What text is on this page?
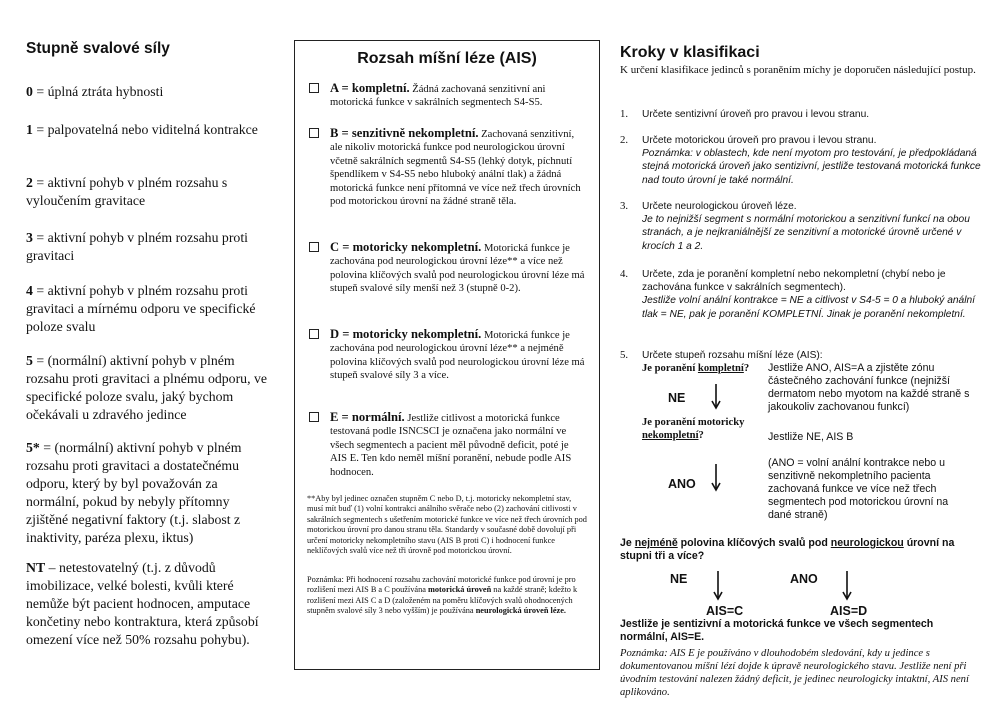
Stupně svalové síly

0 = úplná ztráta hybnosti

1 = palpovatelná nebo viditelná kontrakce

2 = aktivní pohyb v plném rozsahu s vyloučením gravitace

3 = aktivní pohyb v plném rozsahu proti gravitaci

4 = aktivní pohyb v plném rozsahu proti gravitaci a mírnému odporu ve specifické poloze svalu

5 = (normální) aktivní pohyb v plném rozsahu proti gravitaci a plnému odporu, ve specifické poloze svalu, jaký bychom očekávali u zdravého jedince

5* = (normální) aktivní pohyb v plném rozsahu proti gravitaci a dostatečnému odporu, který by byl považován za normální, pokud by nebyly přítomny zjištěné negativní faktory (t.j. slabost z inaktivity, paréza plexu, iktus)

NT – netestovatelný (t.j. z důvodů imobilizace, velké bolesti, kvůli které nemůže být pacient hodnocen, amputace končetiny nebo kontraktura, která způsobí omezení více než 50% rozsahu pohybu).

Rozsah míšní léze (AIS)
A = kompletní. Žádná zachovaná senzitivní ani motorická funkce v sakrálních segmentech S4-S5.
B = senzitivně nekompletní. Zachovaná senzitivní, ale nikoliv motorická funkce pod neurologickou úrovní včetně sakrálních segmentů S4-S5 (lehký dotyk, píchnutí špendlíkem v S4-S5 nebo hluboký anální tlak) a žádná motorická funkce není přítomná ve více než třech úrovních pod motorickou úrovní na žádné straně těla.
C = motoricky nekompletní. Motorická funkce je zachována pod neurologickou úrovní léze** a více než polovina klíčových svalů pod neurologickou úrovní léze má stupeň svalové síly menší než 3 (stupně 0-2).
D = motoricky nekompletní. Motorická funkce je zachována pod neurologickou úrovní léze** a nejméně polovina klíčových svalů pod neurologickou úrovní léze má stupeň svalové síly 3 a více.
E = normální. Jestliže citlivost a motorická funkce testovaná podle ISNCSCI je označena jako normální ve všech segmentech a pacient měl původně deficit, poté je AIS E. Ten kdo neměl míšní poranění, nebude podle AIS hodnocen.
**Aby byl jedinec označen stupněm C nebo D, t.j. motoricky nekompletní stav, musí mít buď (1) volní kontrakci análního svěrače nebo (2) zachování citlivosti v sakrálních segmentech s ušetřením motorické funkce ve více než třech úrovních pod motorickou úrovní pro danou stranu těla. Standardy v současné době dovolují při určení motoricky nekompletního stavu (AIS B proti C) i hodnocení funkce neklíčových svalů více než tři úrovně pod motorickou úrovní.
Poznámka: Při hodnocení rozsahu zachování motorické funkce pod úrovní je pro rozlišení mezi AIS B a C používána motorická úroveň na každé straně; kdežto k rozlišení mezi AIS C a D (založeném na poměru klíčových svalů ohodnocených stupněm svalové síly 3 nebo vyšším) je používána neurologická úroveň léze.
Kroky v klasifikaci

K určení klasifikace jedinců s poraněním míchy je doporučen následující postup.

1.	Určete sentizivní úroveň pro pravou i levou stranu.
2.	Určete motorickou úroveň pro pravou i levou stranu.
Poznámka: v oblastech, kde není myotom pro testování, je předpokládaná stejná motorická úroveň jako sentizivní, jestliže testovaná motorická funkce nad touto úrovní je také normální.
3.	Určete neurologickou úroveň léze.
Je to nejnižší segment s normální motorickou a senzitivní funkcí na obou stranách, a je nejkraniálnější ze senzitivní a motorické úrovně určené v krocích 1 a 2.
4.	Určete, zda je poranění kompletní nebo nekompletní (chybí nebo je zachována funkce v sakrálních segmentech).
Jestliže volní anální kontrakce = NE a citlivost v S4-5 = 0 a hluboký anální tlak = NE, pak je poranění KOMPLETNÍ. Jinak je poranění nekompletní.
5.	Určete stupeň rozsahu míšní léze (AIS):
Je poranění kompletní? Jestliže ANO, AIS=A a zjistěte zónu částečného zachování funkce (nejnižší dermatom nebo myotom na každé straně s jakoukoliv zachovanou funkcí)
NE
Je poranění motoricky nekompletní?	Jestliže NE, AIS B
ANO
(ANO = volní anální kontrakce nebo u senzitivně nekompletního pacienta zachovaná funkce ve více než třech segmentech pod motorickou úrovní na dané straně)
Je nejméně polovina klíčových svalů pod neurologickou úrovní na stupni tři a více?
NE	ANO
AIS=C	AIS=D
Jestliže je sentizivní a motorická funkce ve všech segmentech normální, AIS=E.
Poznámka: AIS E je používáno v dlouhodobém sledování, kdy u jedince s dokumentovanou míšní lézí dojde k úpravě neurologického stavu. Jestliže není při úvodním testování nalezen žádný deficit, je jedinec neurologicky intaktní, AIS není aplikováno.
